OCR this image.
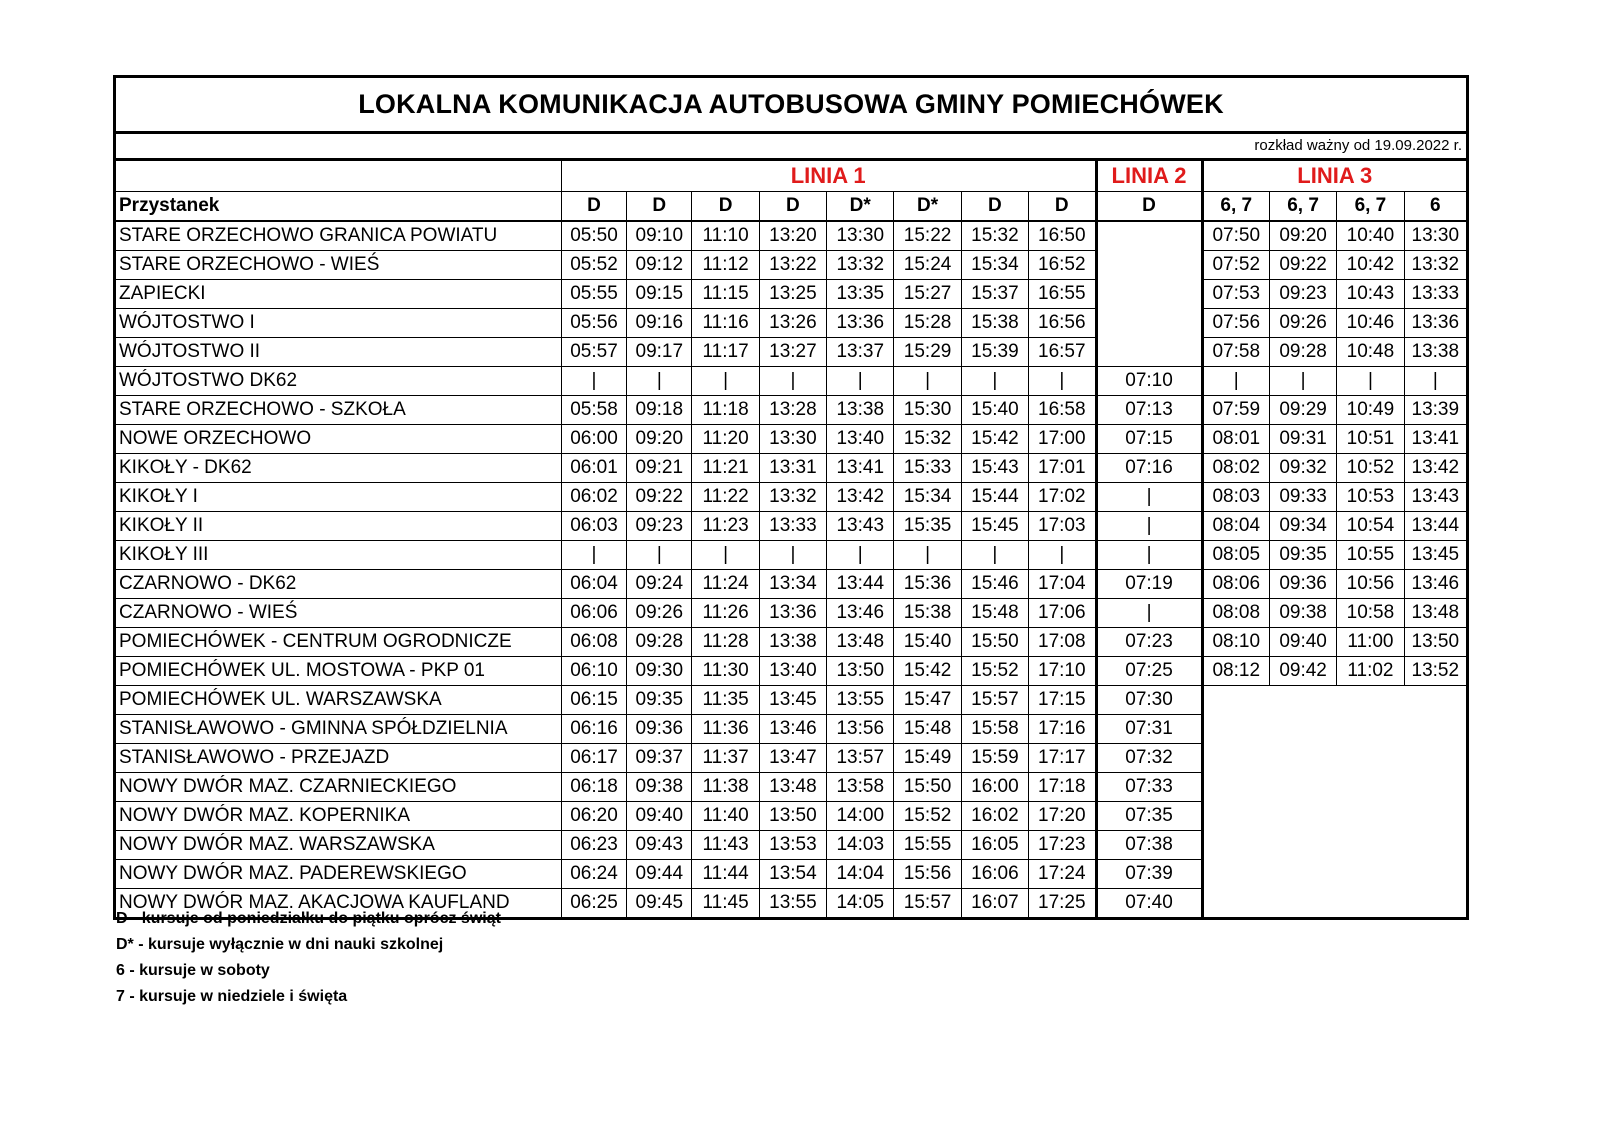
LOKALNA KOMUNIKACJA AUTOBUSOWA GMINY POMIECHÓWEK
rozkład ważny od 19.09.2022 r.
	LINIA 1								LINIA 2	LINIA 3			
Przystanek	D	D	D	D	D*	D*	D	D	D	6, 7	6, 7	6, 7	6
STARE ORZECHOWO GRANICA POWIATU	05:50	09:10	11:10	13:20	13:30	15:22	15:32	16:50		07:50	09:20	10:40	13:30
STARE ORZECHOWO - WIEŚ	05:52	09:12	11:12	13:22	13:32	15:24	15:34	16:52		07:52	09:22	10:42	13:32
ZAPIECKI	05:55	09:15	11:15	13:25	13:35	15:27	15:37	16:55		07:53	09:23	10:43	13:33
WÓJTOSTWO I	05:56	09:16	11:16	13:26	13:36	15:28	15:38	16:56		07:56	09:26	10:46	13:36
WÓJTOSTWO II	05:57	09:17	11:17	13:27	13:37	15:29	15:39	16:57		07:58	09:28	10:48	13:38
WÓJTOSTWO DK62	|	|	|	|	|	|	|	|	07:10	|	|	|	|
STARE ORZECHOWO - SZKOŁA	05:58	09:18	11:18	13:28	13:38	15:30	15:40	16:58	07:13	07:59	09:29	10:49	13:39
NOWE ORZECHOWO	06:00	09:20	11:20	13:30	13:40	15:32	15:42	17:00	07:15	08:01	09:31	10:51	13:41
KIKOŁY - DK62	06:01	09:21	11:21	13:31	13:41	15:33	15:43	17:01	07:16	08:02	09:32	10:52	13:42
KIKOŁY I	06:02	09:22	11:22	13:32	13:42	15:34	15:44	17:02	|	08:03	09:33	10:53	13:43
KIKOŁY II	06:03	09:23	11:23	13:33	13:43	15:35	15:45	17:03	|	08:04	09:34	10:54	13:44
KIKOŁY III	|	|	|	|	|	|	|	|	|	08:05	09:35	10:55	13:45
CZARNOWO - DK62	06:04	09:24	11:24	13:34	13:44	15:36	15:46	17:04	07:19	08:06	09:36	10:56	13:46
CZARNOWO - WIEŚ	06:06	09:26	11:26	13:36	13:46	15:38	15:48	17:06	|	08:08	09:38	10:58	13:48
POMIECHÓWEK - CENTRUM OGRODNICZE	06:08	09:28	11:28	13:38	13:48	15:40	15:50	17:08	07:23	08:10	09:40	11:00	13:50
POMIECHÓWEK UL. MOSTOWA - PKP 01	06:10	09:30	11:30	13:40	13:50	15:42	15:52	17:10	07:25	08:12	09:42	11:02	13:52
POMIECHÓWEK UL. WARSZAWSKA	06:15	09:35	11:35	13:45	13:55	15:47	15:57	17:15	07:30				
STANISŁAWOWO - GMINNA SPÓŁDZIELNIA	06:16	09:36	11:36	13:46	13:56	15:48	15:58	17:16	07:31				
STANISŁAWOWO - PRZEJAZD	06:17	09:37	11:37	13:47	13:57	15:49	15:59	17:17	07:32				
NOWY DWÓR MAZ. CZARNIECKIEGO	06:18	09:38	11:38	13:48	13:58	15:50	16:00	17:18	07:33				
NOWY DWÓR MAZ. KOPERNIKA	06:20	09:40	11:40	13:50	14:00	15:52	16:02	17:20	07:35				
NOWY DWÓR MAZ. WARSZAWSKA	06:23	09:43	11:43	13:53	14:03	15:55	16:05	17:23	07:38				
NOWY DWÓR MAZ. PADEREWSKIEGO	06:24	09:44	11:44	13:54	14:04	15:56	16:06	17:24	07:39				
NOWY DWÓR MAZ. AKACJOWA KAUFLAND	06:25	09:45	11:45	13:55	14:05	15:57	16:07	17:25	07:40				
D - kursuje od poniedziałku do piątku oprócz świąt
D* - kursuje wyłącznie w dni nauki szkolnej
6 - kursuje w soboty
7 - kursuje w niedziele i święta
